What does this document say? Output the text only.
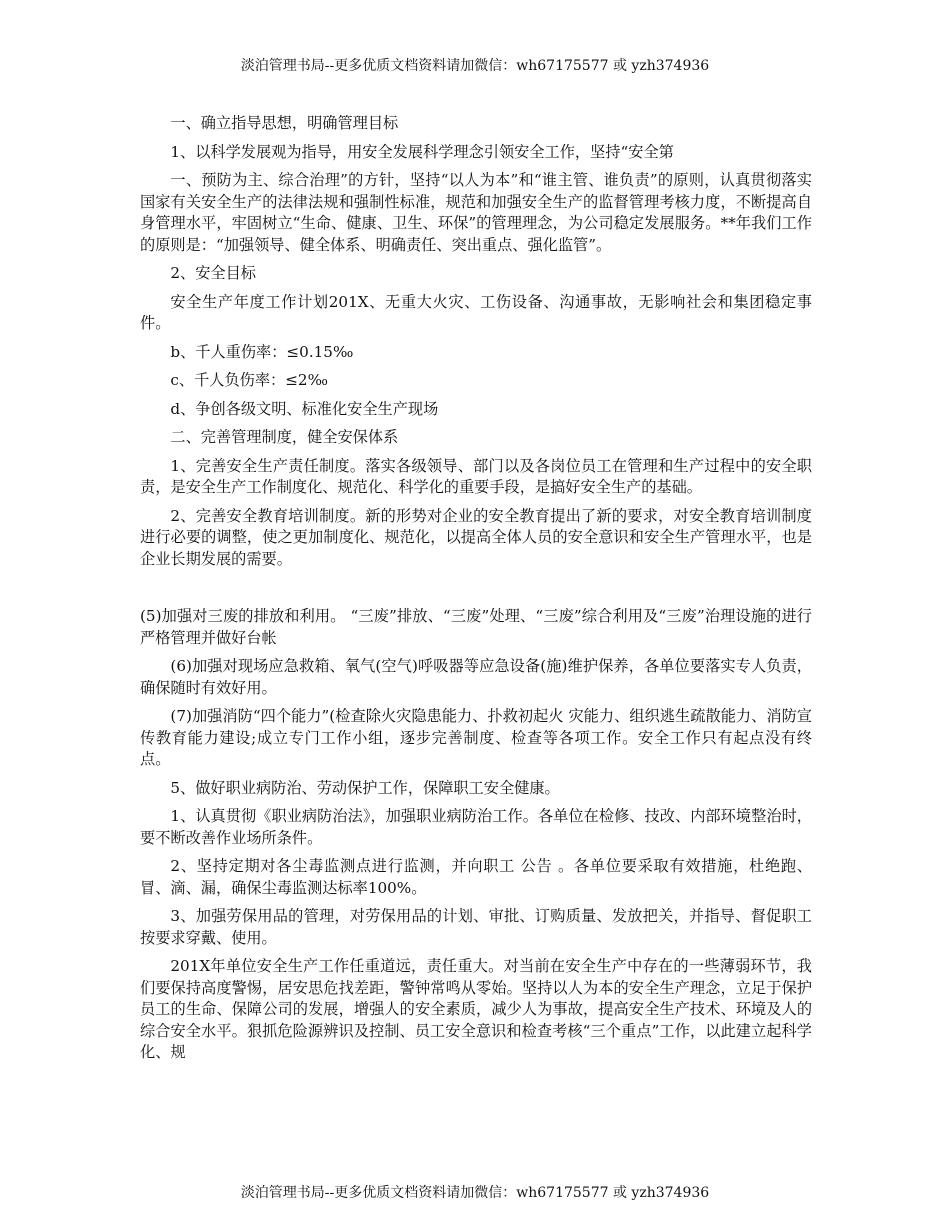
淡泊管理书局--更多优质文档资料请加微信：wh67175577 或 yzh374936

一、确立指导思想，明确管理目标

1、以科学发展观为指导，用安全发展科学理念引领安全工作，坚持“安全第

一、预防为主、综合治理”的方针，坚持“以人为本”和“谁主管、谁负责”的原则，认真贯彻落实国家有关安全生产的法律法规和强制性标准，规范和加强安全生产的监督管理考核力度，不断提高自身管理水平，牢固树立“生命、健康、卫生、环保”的管理理念，为公司稳定发展服务。**年我们工作的原则是：“加强领导、健全体系、明确责任、突出重点、强化监管”。

2、安全目标

安全生产年度工作计划201X、无重大火灾、工伤设备、沟通事故，无影响社会和集团稳定事件。

b、千人重伤率：≤0.15‰

c、千人负伤率：≤2‰

d、争创各级文明、标准化安全生产现场

二、完善管理制度，健全安保体系

1、完善安全生产责任制度。落实各级领导、部门以及各岗位员工在管理和生产过程中的安全职责，是安全生产工作制度化、规范化、科学化的重要手段，是搞好安全生产的基础。

2、完善安全教育培训制度。新的形势对企业的安全教育提出了新的要求，对安全教育培训制度进行必要的调整，使之更加制度化、规范化，以提高全体人员的安全意识和安全生产管理水平，也是企业长期发展的需要。

(5)加强对三废的排放和利用。 “三废”排放、“三废”处理、“三废”综合利用及“三废”治理设施的进行严格管理并做好台帐

(6)加强对现场应急救箱、氧气(空气)呼吸器等应急设备(施)维护保养，各单位要落实专人负责，确保随时有效好用。

(7)加强消防“四个能力”(检查除火灾隐患能力、扑救初起火 灾能力、组织逃生疏散能力、消防宣传教育能力建设;成立专门工作小组，逐步完善制度、检查等各项工作。安全工作只有起点没有终点。

5、做好职业病防治、劳动保护工作，保障职工安全健康。

1、认真贯彻《职业病防治法》，加强职业病防治工作。各单位在检修、技改、内部环境整治时，要不断改善作业场所条件。

2、坚持定期对各尘毒监测点进行监测，并向职工 公告 。各单位要采取有效措施，杜绝跑、冒、滴、漏，确保尘毒监测达标率100%。

3、加强劳保用品的管理，对劳保用品的计划、审批、订购质量、发放把关，并指导、督促职工按要求穿戴、使用。

201X年单位安全生产工作任重道远，责任重大。对当前在安全生产中存在的一些薄弱环节，我们要保持高度警惕，居安思危找差距，警钟常鸣从零始。坚持以人为本的安全生产理念，立足于保护员工的生命、保障公司的发展，增强人的安全素质，减少人为事故，提高安全生产技术、环境及人的综合安全水平。狠抓危险源辨识及控制、员工安全意识和检查考核“三个重点”工作，以此建立起科学化、规

淡泊管理书局--更多优质文档资料请加微信：wh67175577 或 yzh374936
